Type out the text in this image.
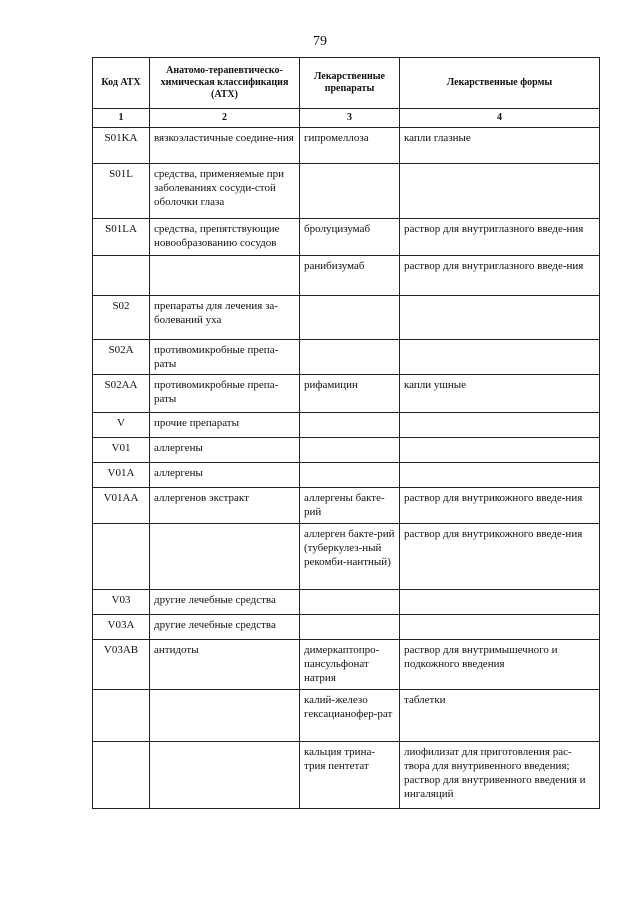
79
Код АТХ	Анатомо-терапевтическо-химическая классификация (АТХ)	Лекарственные препараты	Лекарственные формы
1	2	3	4
S01KA	вязкоэластичные соедине-ния	гипромеллоза	капли глазные
S01L	средства, применяемые при заболеваниях сосуди-стой оболочки глаза		
S01LA	средства, препятствующие новообразованию сосудов	бролуцизумаб	раствор для внутриглазного введе-ния
		ранибизумаб	раствор для внутриглазного введе-ния
S02	препараты для лечения за-болеваний уха		
S02A	противомикробные препа-раты		
S02AA	противомикробные препа-раты	рифамицин	капли ушные
V	прочие препараты		
V01	аллергены		
V01A	аллергены		
V01AA	аллергенов экстракт	аллергены бакте-рий	раствор для внутрикожного введе-ния
		аллерген бакте-рий (туберкулез-ный рекомби-нантный)	раствор для внутрикожного введе-ния
V03	другие лечебные средства		
V03A	другие лечебные средства		
V03AB	антидоты	димеркаптопро-пансульфонат натрия	раствор для внутримышечного и подкожного введения
		калий-железо гексацианофер-рат	таблетки
		кальция трина-трия пентетат	лиофилизат для приготовления рас-твора для внутривенного введения; раствор для внутривенного введения и ингаляций
